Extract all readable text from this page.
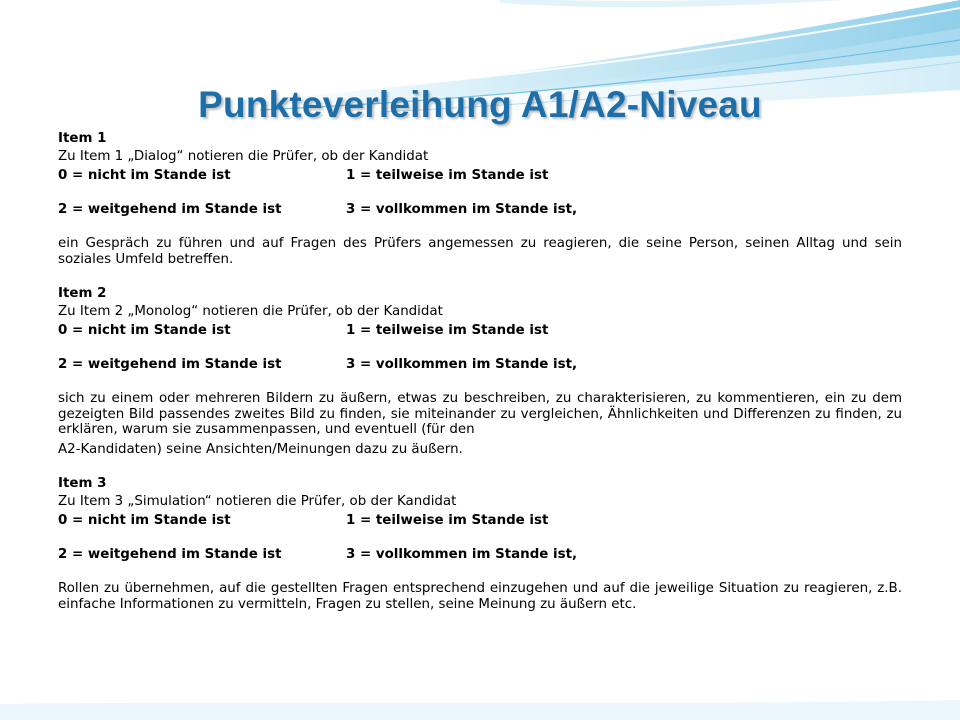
Punkteverleihung A1/A2-Niveau
Item 1
Zu Item 1 „Dialog“ notieren die Prüfer, ob der Kandidat
0 = nicht im Stande ist	1 = teilweise im Stande ist
2 = weitgehend im Stande ist	3 = vollkommen im Stande ist,
ein Gespräch zu führen und auf Fragen des Prüfers angemessen zu reagieren, die seine Person, seinen Alltag und sein soziales Umfeld betreffen.
Item 2
Zu Item 2 „Monolog“ notieren die Prüfer, ob der Kandidat
0 = nicht im Stande ist	1 = teilweise im Stande ist
2 = weitgehend im Stande ist	3 = vollkommen im Stande ist,
sich zu einem oder mehreren Bildern zu äußern, etwas zu beschreiben, zu charakterisieren, zu kommentieren, ein zu dem gezeigten Bild passendes zweites Bild zu finden, sie miteinander zu vergleichen, Ähnlichkeiten und Differenzen zu finden, zu erklären, warum sie zusammenpassen, und eventuell (für den
A2-Kandidaten) seine Ansichten/Meinungen dazu zu äußern.
Item 3
Zu Item 3 „Simulation“ notieren die Prüfer, ob der Kandidat
0 = nicht im Stande ist	1 = teilweise im Stande ist
2 = weitgehend im Stande ist	3 = vollkommen im Stande ist,
Rollen zu übernehmen, auf die gestellten Fragen entsprechend einzugehen und auf die jeweilige Situation zu reagieren, z.B. einfache Informationen zu vermitteln, Fragen zu stellen, seine Meinung zu äußern etc.
